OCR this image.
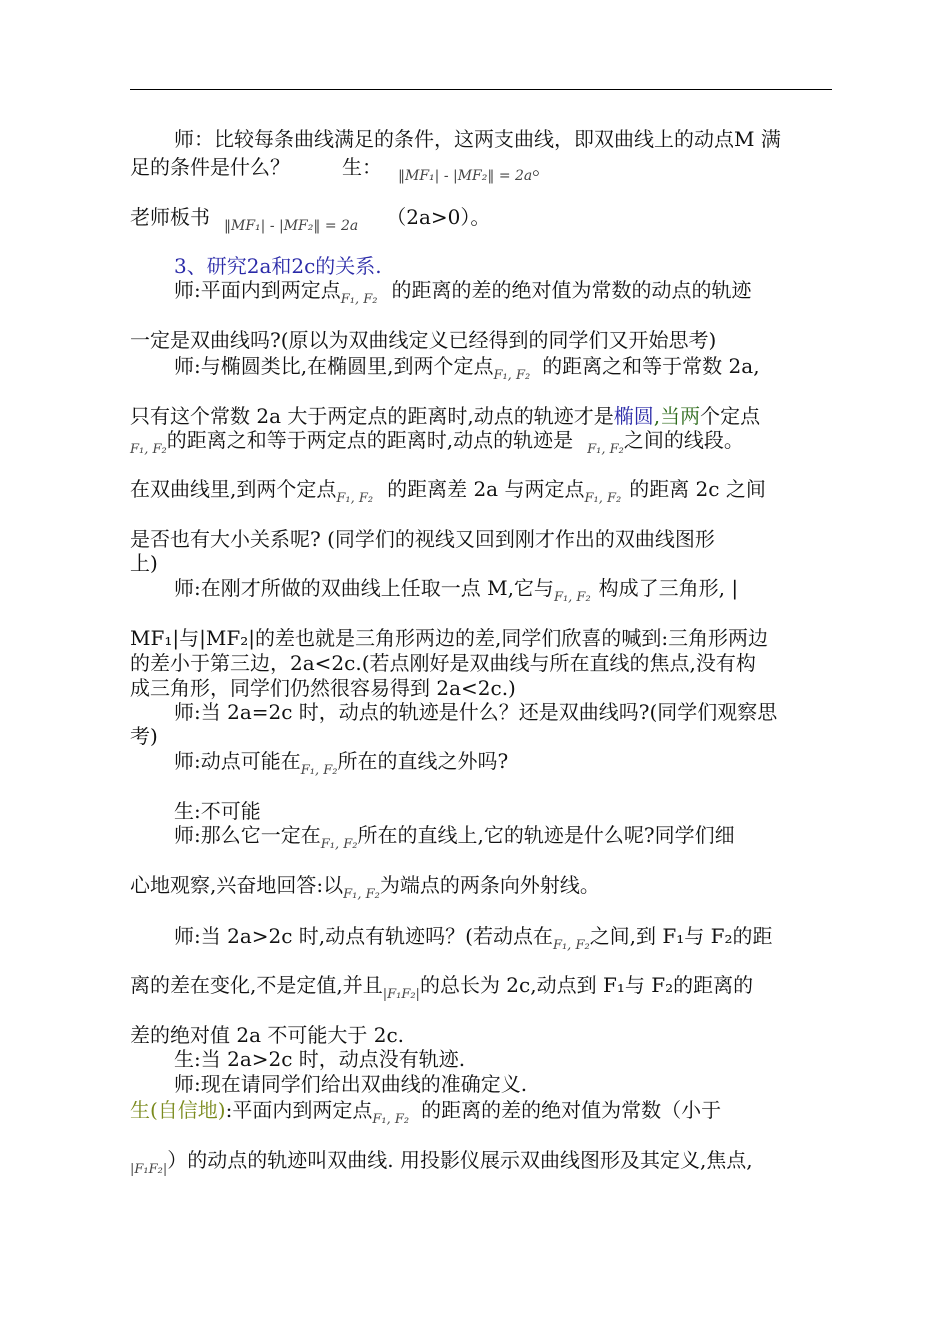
师：比较每条曲线满足的条件，这两支曲线，即双曲线上的动点M 满
足的条件是什么？	生： $_{‖MF_1| - |MF_2‖ = 2a}$。
老师板书 $_{‖MF_1| - |MF_2‖ = 2a}$ （2a>0）。
3、研究2a和2c的关系.
师:平面内到两定点$_{F_1, F_2}$ 的距离的差的绝对值为常数的动点的轨迹
一定是双曲线吗?(原以为双曲线定义已经得到的同学们又开始思考)
师:与椭圆类比,在椭圆里,到两个定点$_{F_1, F_2}$ 的距离之和等于常数 2a,
只有这个常数 2a 大于两定点的距离时,动点的轨迹才是椭圆,当两个定点
$_{F_1, F_2}$的距离之和等于两定点的距离时,动点的轨迹是 $_{F_1, F_2}$之间的线段。
在双曲线里,到两个定点$_{F_1, F_2}$ 的距离差 2a 与两定点$_{F_1, F_2}$ 的距离 2c 之间
是否也有大小关系呢? (同学们的视线又回到刚才作出的双曲线图形
上)
师:在刚才所做的双曲线上任取一点 M,它与$_{F_1, F_2}$ 构成了三角形, |
MF₁|与|MF₂|的差也就是三角形两边的差,同学们欣喜的喊到:三角形两边
的差小于第三边，2a<2c.(若点刚好是双曲线与所在直线的焦点,没有构
成三角形，同学们仍然很容易得到 2a<2c.)
师:当 2a=2c 时，动点的轨迹是什么？还是双曲线吗?(同学们观察思
考)
师:动点可能在$_{F_1, F_2}$所在的直线之外吗?
生:不可能
师:那么它一定在$_{F_1, F_2}$所在的直线上,它的轨迹是什么呢?同学们细
心地观察,兴奋地回答:以$_{F_1, F_2}$为端点的两条向外射线。
师:当 2a>2c 时,动点有轨迹吗？(若动点在$_{F_1, F_2}$之间,到 F₁与 F₂的距
离的差在变化,不是定值,并且$_{|F_1F_2|}$的总长为 2c,动点到 F₁与 F₂的距离的
差的绝对值 2a 不可能大于 2c.
生:当 2a>2c 时，动点没有轨迹.
师:现在请同学们给出双曲线的准确定义.
生(自信地):平面内到两定点$_{F_1, F_2}$ 的距离的差的绝对值为常数（小于
$_{|F_1F_2|}$）的动点的轨迹叫双曲线. 用投影仪展示双曲线图形及其定义,焦点,
